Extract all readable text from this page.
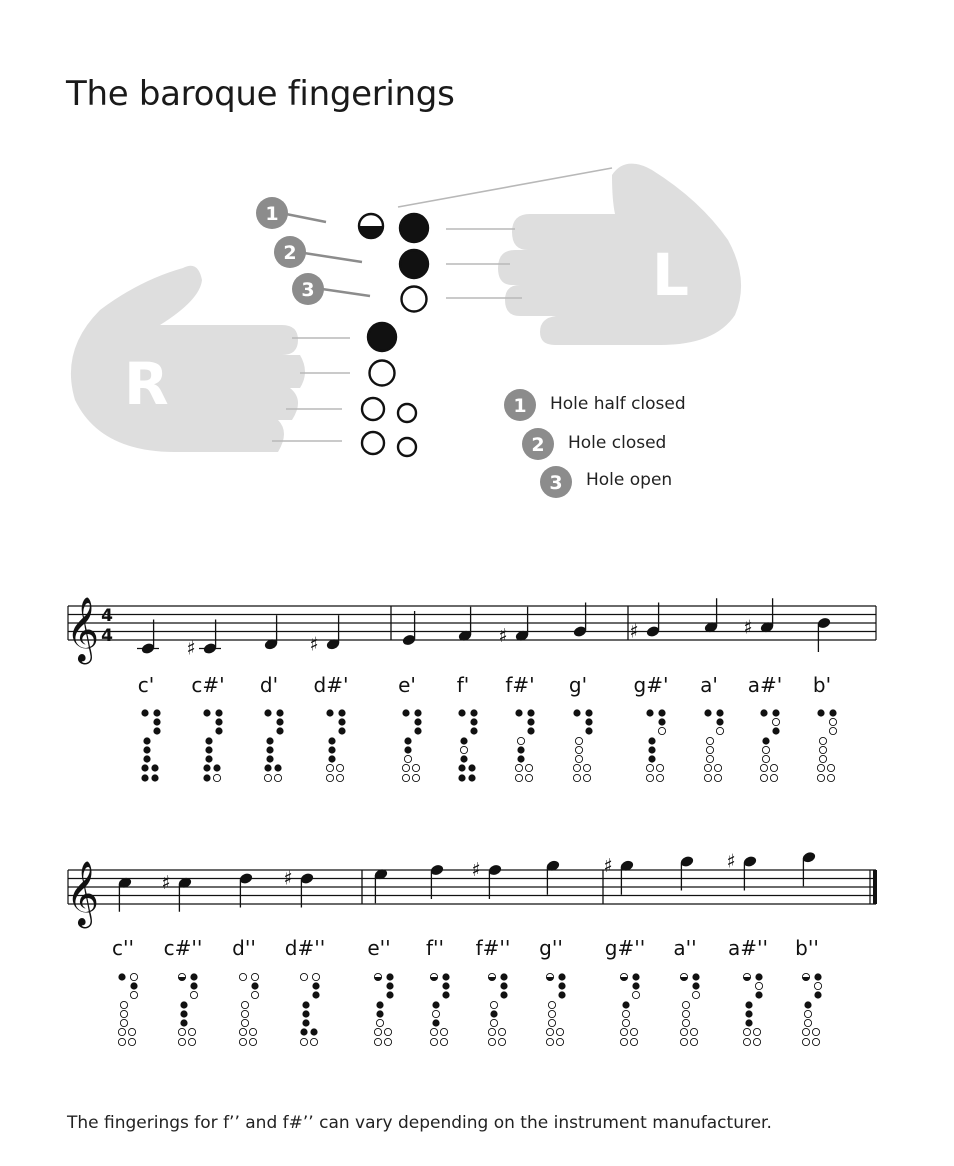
The baroque fingerings
L
R
1
2
3
1
2
3
𝄞 4
4
♯	♯	♯	♯	♯
𝄞	♯	♯	♯	♯	♯
c' c#' d' d#' e' f' f#' g' g#' a' a#' b'
c'' c#'' d'' d#'' e'' f'' f#'' g'' g#'' a'' a#'' b''
Hole half closed
Hole closed
Hole open
The fingerings for f’’ and f#’’ can vary depending on the instrument manufacturer.
